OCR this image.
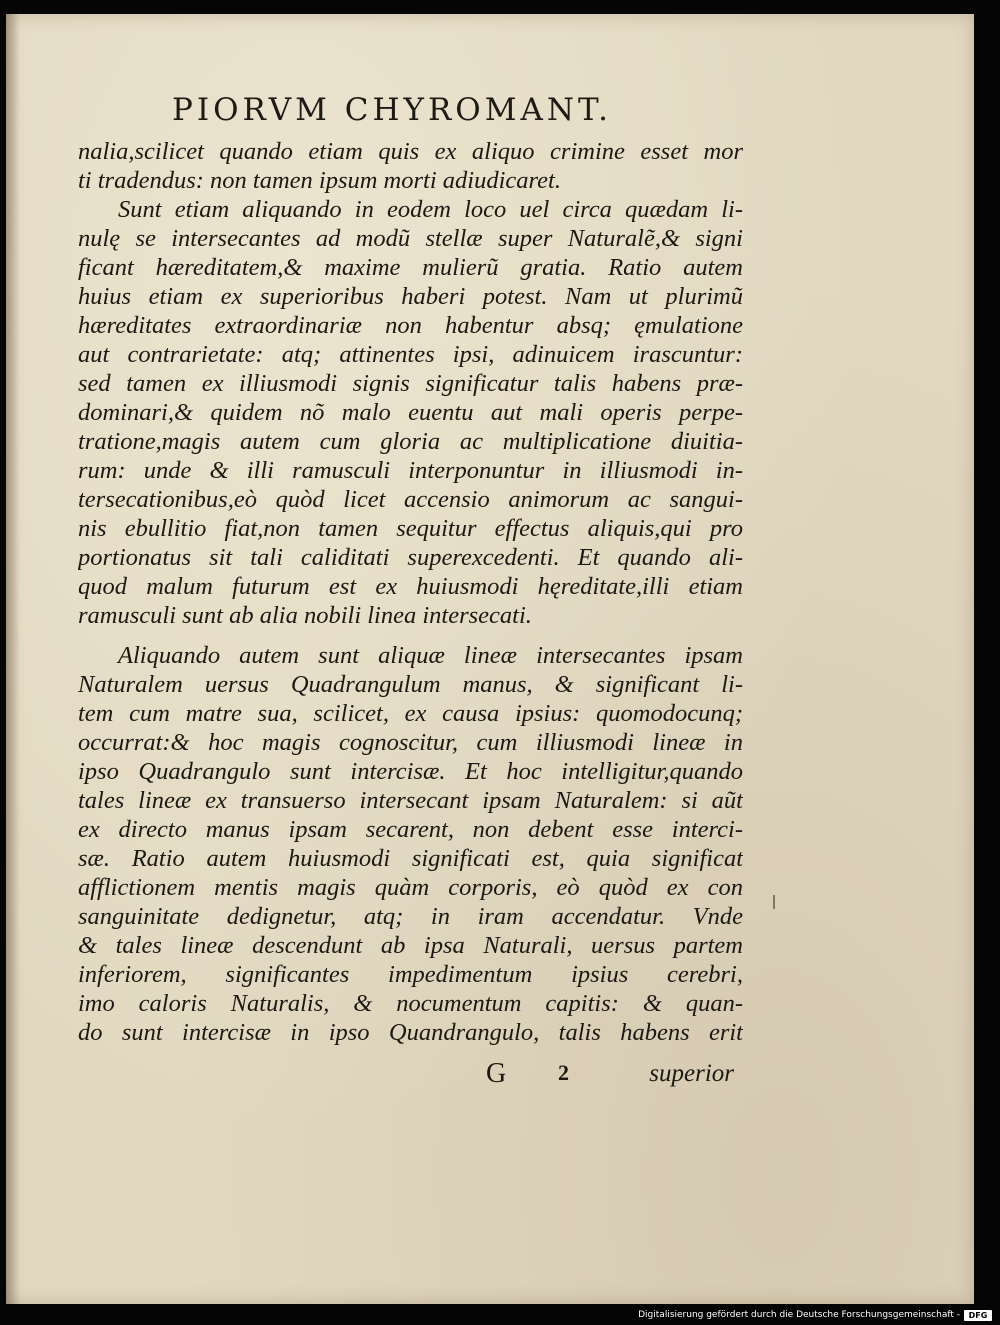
PIORVM CHYROMANT.
nalia,scilicet quando etiam quis ex aliquo crimine esset mor
ti tradendus: non tamen ipsum morti adiudicaret.
Sunt etiam aliquando in eodem loco uel circa quædam li-
nulę se intersecantes ad modũ stellæ super Naturalẽ,& signi
ficant hæreditatem,& maxime mulierũ gratia. Ratio autem
huius etiam ex superioribus haberi potest. Nam ut plurimũ
hæreditates extraordinariæ non habentur absq; ęmulatione
aut contrarietate: atq; attinentes ipsi, adinuicem irascuntur:
sed tamen ex illiusmodi signis significatur talis habens præ-
dominari,& quidem nõ malo euentu aut mali operis perpe-
tratione,magis autem cum gloria ac multiplicatione diuitia-
rum: unde & illi ramusculi interponuntur in illiusmodi in-
tersecationibus,eò quòd licet accensio animorum ac sangui-
nis ebullitio fiat,non tamen sequitur effectus aliquis,qui pro
portionatus sit tali caliditati superexcedenti. Et quando ali-
quod malum futurum est ex huiusmodi hęreditate,illi etiam
ramusculi sunt ab alia nobili linea intersecati.
Aliquando autem sunt aliquæ lineæ intersecantes ipsam
Naturalem uersus Quadrangulum manus, & significant li-
tem cum matre sua, scilicet, ex causa ipsius: quomodocunq;
occurrat:& hoc magis cognoscitur, cum illiusmodi lineæ in
ipso Quadrangulo sunt intercisæ. Et hoc intelligitur,quando
tales lineæ ex transuerso intersecant ipsam Naturalem: si aũt
ex directo manus ipsam secarent, non debent esse interci-
sæ. Ratio autem huiusmodi significati est, quia significat
afflictionem mentis magis quàm corporis, eò quòd ex con
sanguinitate dedignetur, atq; in iram accendatur. Vnde
& tales lineæ descendunt ab ipsa Naturali, uersus partem
inferiorem, significantes impedimentum ipsius cerebri,
imo caloris Naturalis, & nocumentum capitis: & quan-
do sunt intercisæ in ipso Quandrangulo, talis habens erit
G 2	superior
Digitalisierung gefördert durch die Deutsche Forschungsgemeinschaft -	DFG
